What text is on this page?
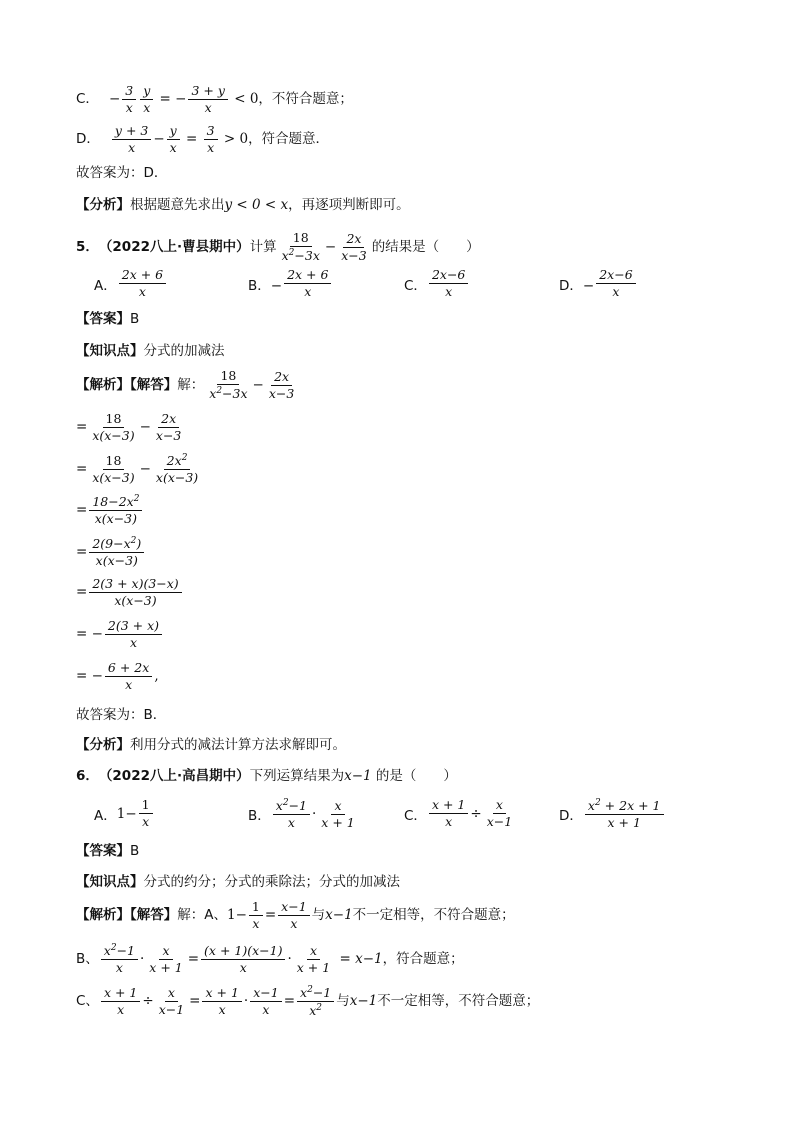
C． − $\frac{3}{x} \frac{y}{x}$ = − $\frac{3 + y}{x} < 0$ ，不符合题意；
D． $\frac{y + 3}{x} - \frac{y}{x} = \frac{3}{x} > 0$ ，符合题意．
故答案为：D．
【分析】 根据题意先求出 y < 0 < x ，再逐项判断即可。
5． （2022八上·曹县期中） 计算 $\frac{18}{x^2-3x} - \frac{2x}{x-3}$ 的结果是（　　）
A． $\frac{2x + 6}{x}$	B．− $\frac{2x + 6}{x}$	C． $\frac{2x-6}{x}$	D．− $\frac{2x-6}{x}$
【答案】 B
【知识点】 分式的加减法
【解析】【解答】 解： $\frac{18}{x^2-3x} - \frac{2x}{x-3}$
= $\frac{18}{x(x-3)} - \frac{2x}{x-3}$
= $\frac{18}{x(x-3)} - \frac{2x^2}{x(x-3)}$
= $\frac{18-2x^2}{x(x-3)}$
= $\frac{2(9-x^2)}{x(x-3)}$
= $\frac{2(3 + x)(3-x)}{x(x-3)}$
= − $\frac{2(3 + x)}{x}$
= − $\frac{6 + 2x}{x}$ ,
故答案为：B．
【分析】 利用分式的减法计算方法求解即可。
6． （2022八上·高昌期中） 下列运算结果为 x−1 的是（　　）
A． $1- \frac{1}{x}$	B． $\frac{x^2-1}{x} \cdot \frac{x}{x + 1}$	C． $\frac{x + 1}{x} \div \frac{x}{x-1}$	D． $\frac{x^2 + 2x + 1}{x + 1}$
【答案】 B
【知识点】 分式的约分；分式的乘除法；分式的加减法
【解析】【解答】 解：A、 $1- \frac{1}{x} = \frac{x-1}{x}$ 与 x−1 不一定相等，不符合题意；
B、 $\frac{x^2-1}{x} \cdot \frac{x}{x + 1} = \frac{(x + 1)(x-1)}{x} \cdot \frac{x}{x + 1} = x-1$ ，符合题意；
C、 $\frac{x + 1}{x} \div \frac{x}{x-1} = \frac{x + 1}{x} \cdot \frac{x-1}{x} = \frac{x^2-1}{x^2}$ 与 x−1 不一定相等，不符合题意；
